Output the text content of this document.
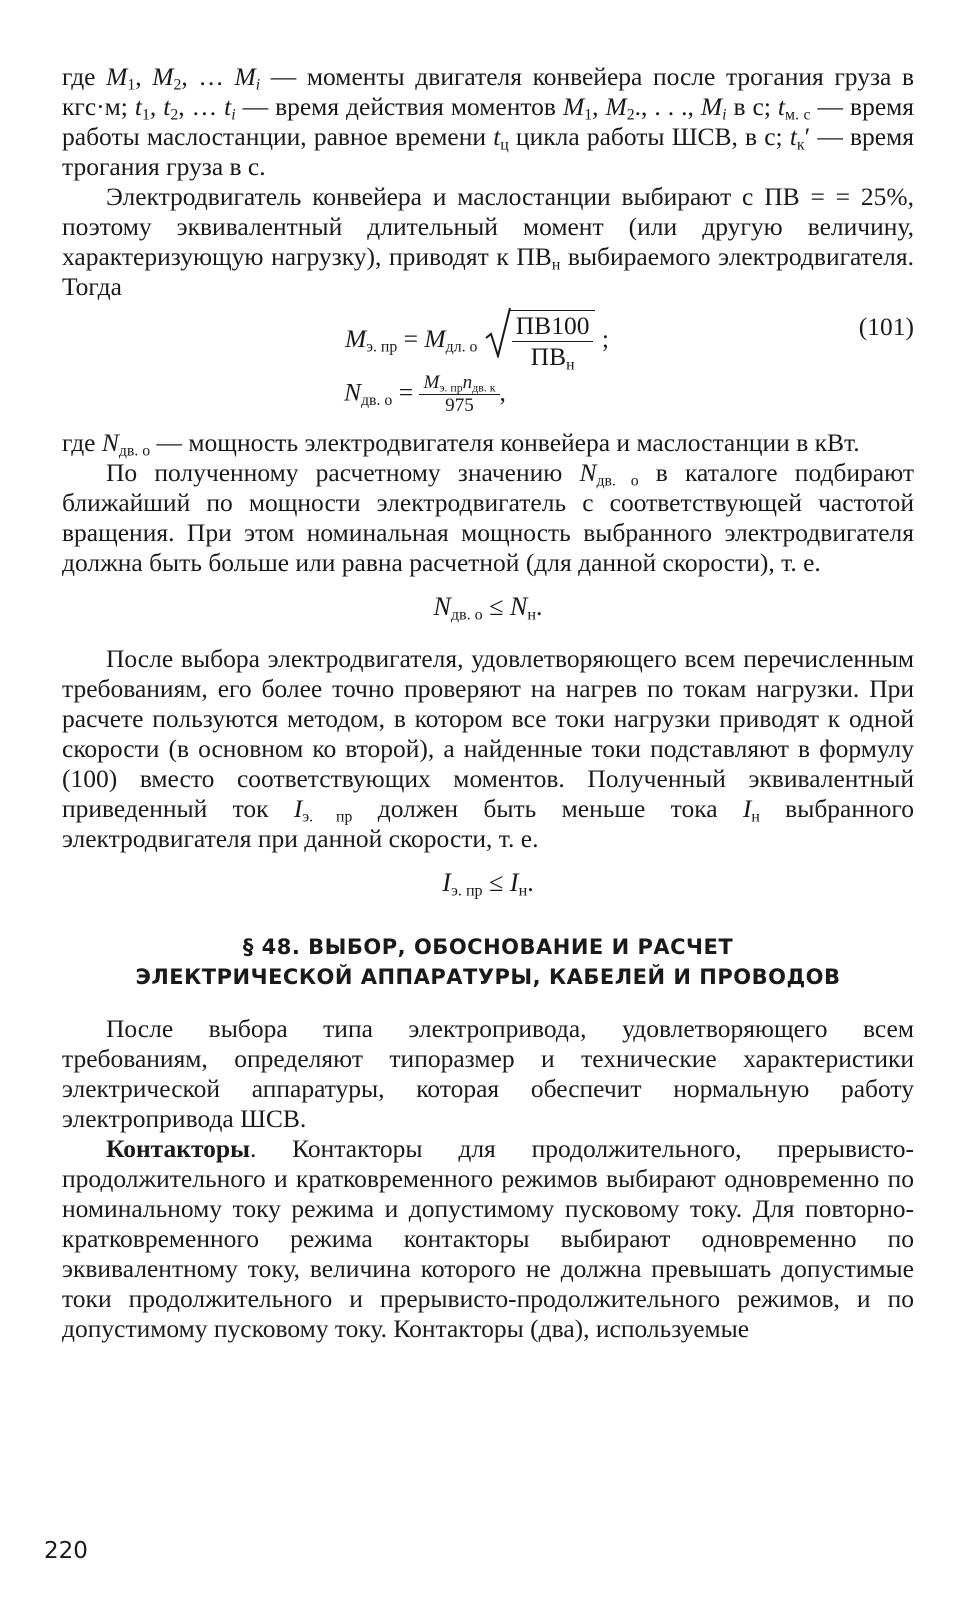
где $M_1$, $M_2$, … $M_i$ — моменты двигателя конвейера после трогания груза в кгс·м; $t_1$, $t_2$, … $t_i$ — время действия моментов $M_1$, $M_2$., . . ., $M_i$ в с; $t_{м. с}$ — время работы маслостанции, равное времени $t_ц$ цикла работы ШСВ, в с; $t_к'$ — время трогания груза в с.

Электродвигатель конвейера и маслостанции выбирают с ПВ = = 25%, поэтому эквивалентный длительный момент (или другую величину, характеризующую нагрузку), приводят к $ПВ_н$ выбираемого электродвигателя. Тогда

$M_{э. пр} = M_{дл. о} \frac{ПВ100}{ПВ_н}$ ;	(101)
$N_{дв. о} = \frac{M_{э. пр}n_{дв. к}}{975}$ ,

где $N_{дв. о}$ — мощность электродвигателя конвейера и маслостанции в кВт.

По полученному расчетному значению $N_{дв. о}$ в каталоге подбирают ближайший по мощности электродвигатель с соответствующей частотой вращения. При этом номинальная мощность выбранного электродвигателя должна быть больше или равна расчетной (для данной скорости), т. е.

$N_{дв. о} \le N_н$.

После выбора электродвигателя, удовлетворяющего всем перечисленным требованиям, его более точно проверяют на нагрев по токам нагрузки. При расчете пользуются методом, в котором все токи нагрузки приводят к одной скорости (в основном ко второй), а найденные токи подставляют в формулу (100) вместо соответствующих моментов. Полученный эквивалентный приведенный ток $I_{э. пр}$ должен быть меньше тока $I_н$ выбранного электродвигателя при данной скорости, т. е.

$I_{э. пр} \le I_н$.
§ 48. ВЫБОР, ОБОСНОВАНИЕ И РАСЧЕТ
ЭЛЕКТРИЧЕСКОЙ АППАРАТУРЫ, КАБЕЛЕЙ И ПРОВОДОВ

После выбора типа электропривода, удовлетворяющего всем требованиям, определяют типоразмер и технические характеристики электрической аппаратуры, которая обеспечит нормальную работу электропривода ШСВ.

Контакторы. Контакторы для продолжительного, прерывисто-продолжительного и кратковременного режимов выбирают одновременно по номинальному току режима и допустимому пусковому току. Для повторно-кратковременного режима контакторы выбирают одновременно по эквивалентному току, величина которого не должна превышать допустимые токи продолжительного и прерывисто-продолжительного режимов, и по допустимому пусковому току. Контакторы (два), используемые

220
